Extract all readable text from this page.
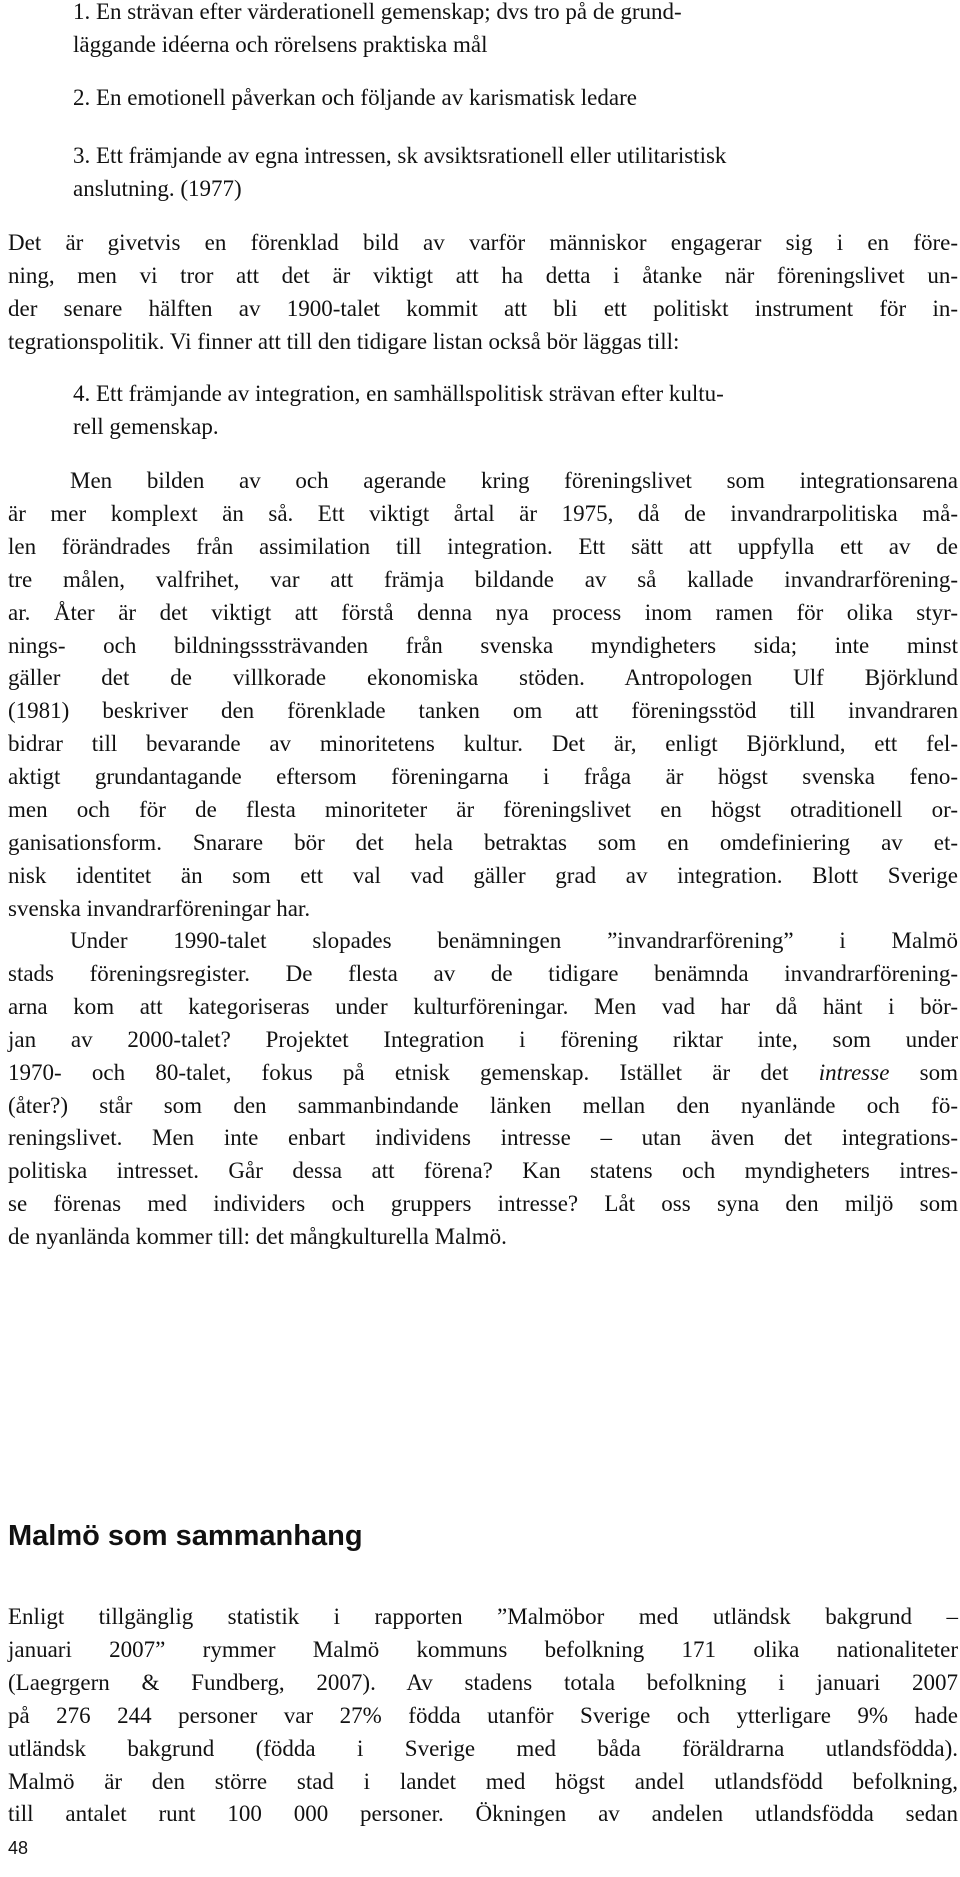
1. En strävan efter värderationell gemenskap; dvs tro på de grund-
läggande idéerna och rörelsens praktiska mål
2. En emotionell påverkan och följande av karismatisk ledare
3. Ett främjande av egna intressen, sk avsiktsrationell eller utilitaristisk
anslutning. (1977)
Det är givetvis en förenklad bild av varför människor engagerar sig i en före-
ning, men vi tror att det är viktigt att ha detta i åtanke när föreningslivet un-
der senare hälften av 1900-talet kommit att bli ett politiskt instrument för in-
tegrationspolitik. Vi finner att till den tidigare listan också bör läggas till:
4. Ett främjande av integration, en samhällspolitisk strävan efter kultu-
rell gemenskap.
Men bilden av och agerande kring föreningslivet som integrationsarena
är mer komplext än så. Ett viktigt årtal är 1975, då de invandrarpolitiska må-
len förändrades från assimilation till integration. Ett sätt att uppfylla ett av de
tre målen, valfrihet, var att främja bildande av så kallade invandrarförening-
ar. Åter är det viktigt att förstå denna nya process inom ramen för olika styr-
nings- och bildningsssträvanden från svenska myndigheters sida; inte minst
gäller det de villkorade ekonomiska stöden. Antropologen Ulf Björklund
(1981) beskriver den förenklade tanken om att föreningsstöd till invandraren
bidrar till bevarande av minoritetens kultur. Det är, enligt Björklund, ett fel-
aktigt grundantagande eftersom föreningarna i fråga är högst svenska feno-
men och för de flesta minoriteter är föreningslivet en högst otraditionell or-
ganisationsform. Snarare bör det hela betraktas som en omdefiniering av et-
nisk identitet än som ett val vad gäller grad av integration. Blott Sverige
svenska invandrarföreningar har.
Under 1990-talet slopades benämningen ”invandrarförening” i Malmö
stads föreningsregister. De flesta av de tidigare benämnda invandrarförening-
arna kom att kategoriseras under kulturföreningar. Men vad har då hänt i bör-
jan av 2000-talet? Projektet Integration i förening riktar inte, som under
1970- och 80-talet, fokus på etnisk gemenskap. Istället är det intresse som
(åter?) står som den sammanbindande länken mellan den nyanlände och fö-
reningslivet. Men inte enbart individens intresse – utan även det integrations-
politiska intresset. Går dessa att förena? Kan statens och myndigheters intres-
se förenas med individers och gruppers intresse? Låt oss syna den miljö som
de nyanlända kommer till: det mångkulturella Malmö.
Malmö som sammanhang
Enligt tillgänglig statistik i rapporten ”Malmöbor med utländsk bakgrund –
januari 2007” rymmer Malmö kommuns befolkning 171 olika nationaliteter
(Laegrgern & Fundberg, 2007). Av stadens totala befolkning i januari 2007
på 276 244 personer var 27% födda utanför Sverige och ytterligare 9% hade
utländsk bakgrund (födda i Sverige med båda föräldrarna utlandsfödda).
Malmö är den större stad i landet med högst andel utlandsfödd befolkning,
till antalet runt 100 000 personer. Ökningen av andelen utlandsfödda sedan
48
